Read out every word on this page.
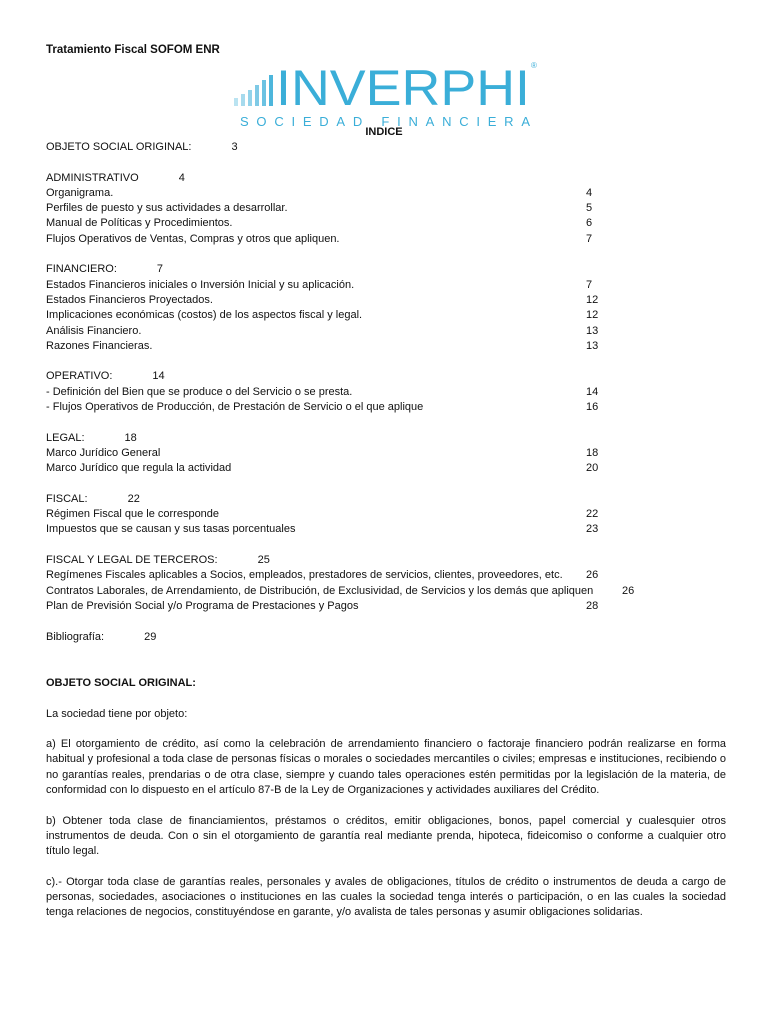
Tratamiento Fiscal SOFOM ENR
INVERPHI ®
SOCIEDAD FINANCIERA
INDICE
OBJETO SOCIAL ORIGINAL:	3
ADMINISTRATIVO	4
Organigrama.	4
Perfiles de puesto y sus actividades a desarrollar.	5
Manual de Políticas y Procedimientos.	6
Flujos Operativos de Ventas, Compras y otros que apliquen.	7
FINANCIERO:	7
Estados Financieros iniciales o Inversión Inicial y su aplicación.	7
Estados Financieros Proyectados.	12
Implicaciones económicas (costos) de los aspectos fiscal y legal.	12
Análisis Financiero.	13
Razones Financieras.	13
OPERATIVO:	14
- Definición del Bien que se produce o del Servicio o se presta.	14
- Flujos Operativos de Producción, de Prestación de Servicio o el que aplique	16
LEGAL:	18
Marco Jurídico General	18
Marco Jurídico que regula la actividad	20
FISCAL:	22
Régimen Fiscal que le corresponde	22
Impuestos que se causan y sus tasas porcentuales	23
FISCAL Y LEGAL DE TERCEROS:	25
Regímenes Fiscales aplicables a Socios, empleados, prestadores de servicios, clientes, proveedores, etc. 26
Contratos Laborales, de Arrendamiento, de Distribución, de Exclusividad, de Servicios y los demás que apliquen	26
Plan de Previsión Social y/o Programa de Prestaciones y Pagos	28
Bibliografía:	29

OBJETO SOCIAL ORIGINAL:

La sociedad tiene por objeto:

a) El otorgamiento de crédito, así como la celebración de arrendamiento financiero o factoraje financiero podrán realizarse en forma habitual y profesional a toda clase de personas físicas o morales o sociedades mercantiles o civiles; empresas e instituciones, recibiendo o no garantías reales, prendarias o de otra clase, siempre y cuando tales operaciones estén permitidas por la legislación de la materia, de conformidad con lo dispuesto en el artículo 87-B de la Ley de Organizaciones y actividades auxiliares del Crédito.

b) Obtener toda clase de financiamientos, préstamos o créditos, emitir obligaciones, bonos, papel comercial y cualesquier otros instrumentos de deuda. Con o sin el otorgamiento de garantía real mediante prenda, hipoteca, fideicomiso o conforme a cualquier otro título legal.

c).- Otorgar toda clase de garantías reales, personales y avales de obligaciones, títulos de crédito o instrumentos de deuda a cargo de personas, sociedades, asociaciones o instituciones en las cuales la sociedad tenga interés o participación, o en las cuales la sociedad tenga relaciones de negocios, constituyéndose en garante, y/o avalista de tales personas y asumir obligaciones solidarias.
